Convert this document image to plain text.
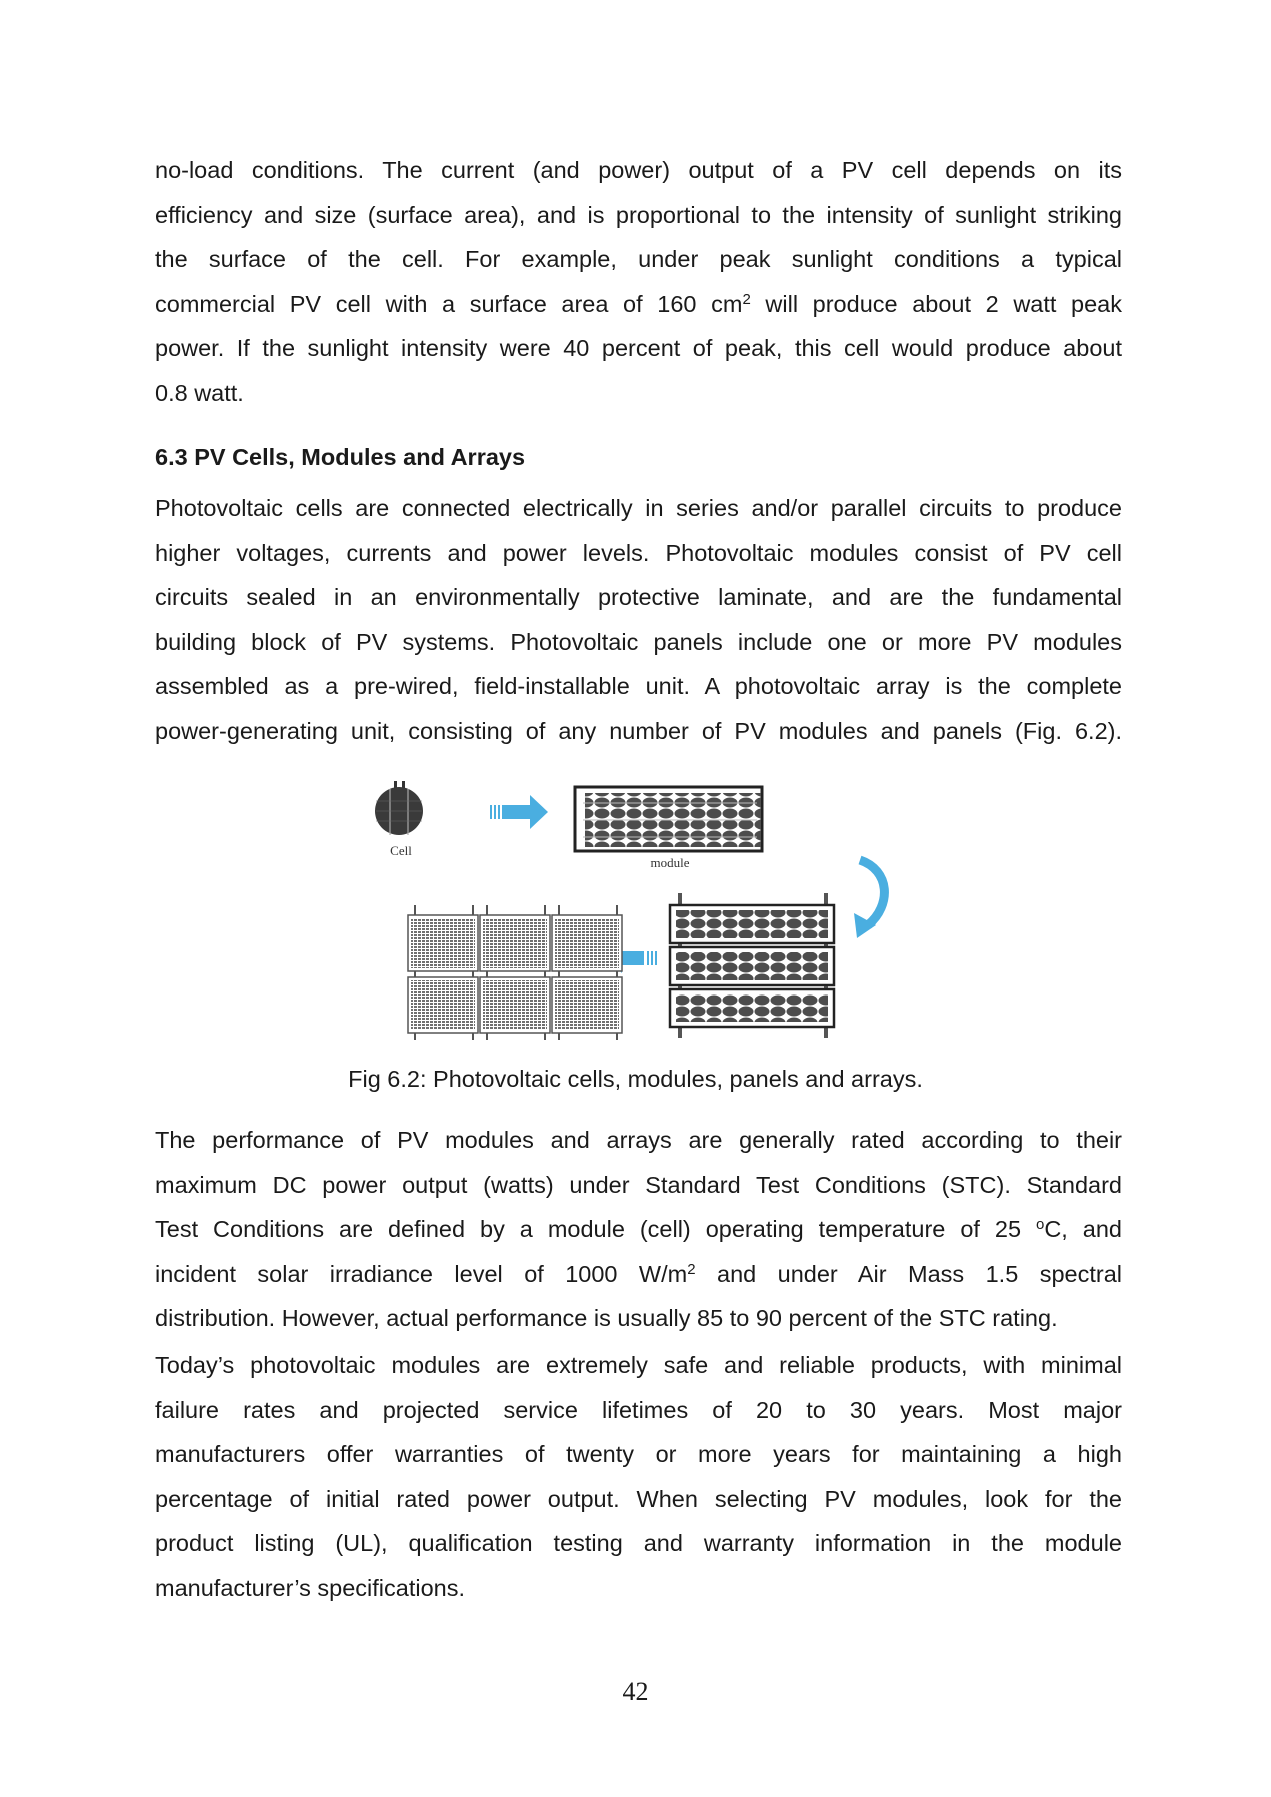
no-load conditions. The current (and power) output of a PV cell depends on its
efficiency and size (surface area), and is proportional to the intensity of sunlight striking
the surface of the cell. For example, under peak sunlight conditions a typical
commercial PV cell with a surface area of 160 $cm^2$ will produce about 2 watt peak
power. If the sunlight intensity were 40 percent of peak, this cell would produce about
0.8 watt.

6.3 PV Cells, Modules and Arrays

Photovoltaic cells are connected electrically in series and/or parallel circuits to produce
higher voltages, currents and power levels. Photovoltaic modules consist of PV cell
circuits sealed in an environmentally protective laminate, and are the fundamental
building block of PV systems. Photovoltaic panels include one or more PV modules
assembled as a pre-wired, field-installable unit. A photovoltaic array is the complete
power-generating unit, consisting of any number of PV modules and panels (Fig. 6.2).

Cell
module

Fig 6.2: Photovoltaic cells, modules, panels and arrays.

The performance of PV modules and arrays are generally rated according to their
maximum DC power output (watts) under Standard Test Conditions (STC). Standard
Test Conditions are defined by a module (cell) operating temperature of 25 $^o$C, and
incident solar irradiance level of 1000 $W/m^2$ and under Air Mass 1.5 spectral
distribution. However, actual performance is usually 85 to 90 percent of the STC rating.

Today’s photovoltaic modules are extremely safe and reliable products, with minimal
failure rates and projected service lifetimes of 20 to 30 years. Most major
manufacturers offer warranties of twenty or more years for maintaining a high
percentage of initial rated power output. When selecting PV modules, look for the
product listing (UL), qualification testing and warranty information in the module
manufacturer’s specifications.

42
